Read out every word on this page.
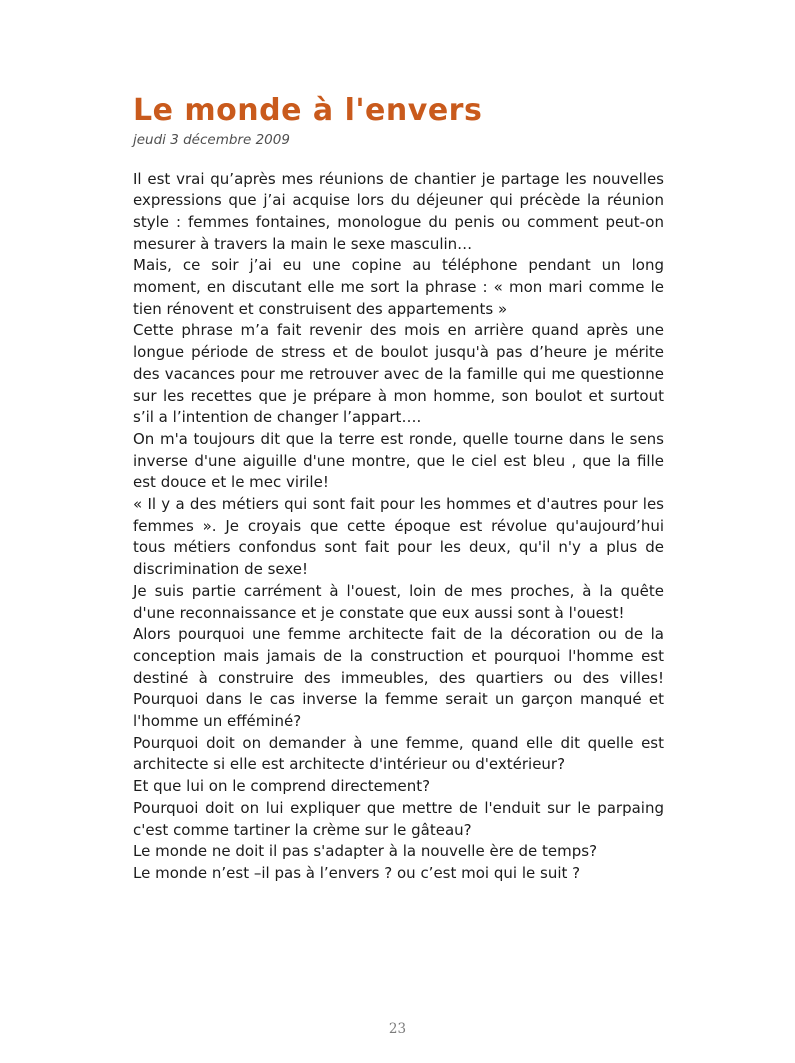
Le monde à l'envers
jeudi 3 décembre 2009

Il est vrai qu’après mes réunions de chantier je partage les nouvelles expressions que j’ai acquise lors du déjeuner qui précède la réunion style : femmes fontaines, monologue du penis ou comment peut-on mesurer à travers la main le sexe masculin…

Mais, ce soir j’ai eu une copine au téléphone pendant un long moment, en discutant elle me sort la phrase : « mon mari comme le tien rénovent et construisent des appartements »

Cette phrase m’a fait revenir des mois en arrière quand après une longue période de stress et de boulot jusqu'à pas d’heure je mérite des vacances pour me retrouver avec de la famille qui me questionne sur les recettes que je prépare à mon homme, son boulot et surtout s’il a l’intention de changer l’appart….

On m'a toujours dit que la terre est ronde, quelle tourne dans le sens inverse d'une aiguille d'une montre, que le ciel est bleu , que la fille est douce et le mec virile!

« Il y a des métiers qui sont fait pour les hommes et d'autres pour les femmes ». Je croyais que cette époque est révolue qu'aujourd’hui tous métiers confondus sont fait pour les deux, qu'il n'y a plus de discrimination de sexe!

Je suis partie carrément à l'ouest, loin de mes proches, à la quête d'une reconnaissance et je constate que eux aussi sont à l'ouest!

Alors pourquoi une femme architecte fait de la décoration ou de la conception mais jamais de la construction et pourquoi l'homme est destiné à construire des immeubles, des quartiers ou des villes! Pourquoi dans le cas inverse la femme serait un garçon manqué et l'homme un efféminé?

Pourquoi doit on demander à une femme, quand elle dit quelle est architecte si elle est architecte d'intérieur ou d'extérieur?

Et que lui on le comprend directement?

Pourquoi doit on lui expliquer que mettre de l'enduit sur le parpaing c'est comme tartiner la crème sur le gâteau?

Le monde ne doit il pas s'adapter à la nouvelle ère de temps?

Le monde n’est –il pas à l’envers ? ou c’est moi qui le suit ?

23
